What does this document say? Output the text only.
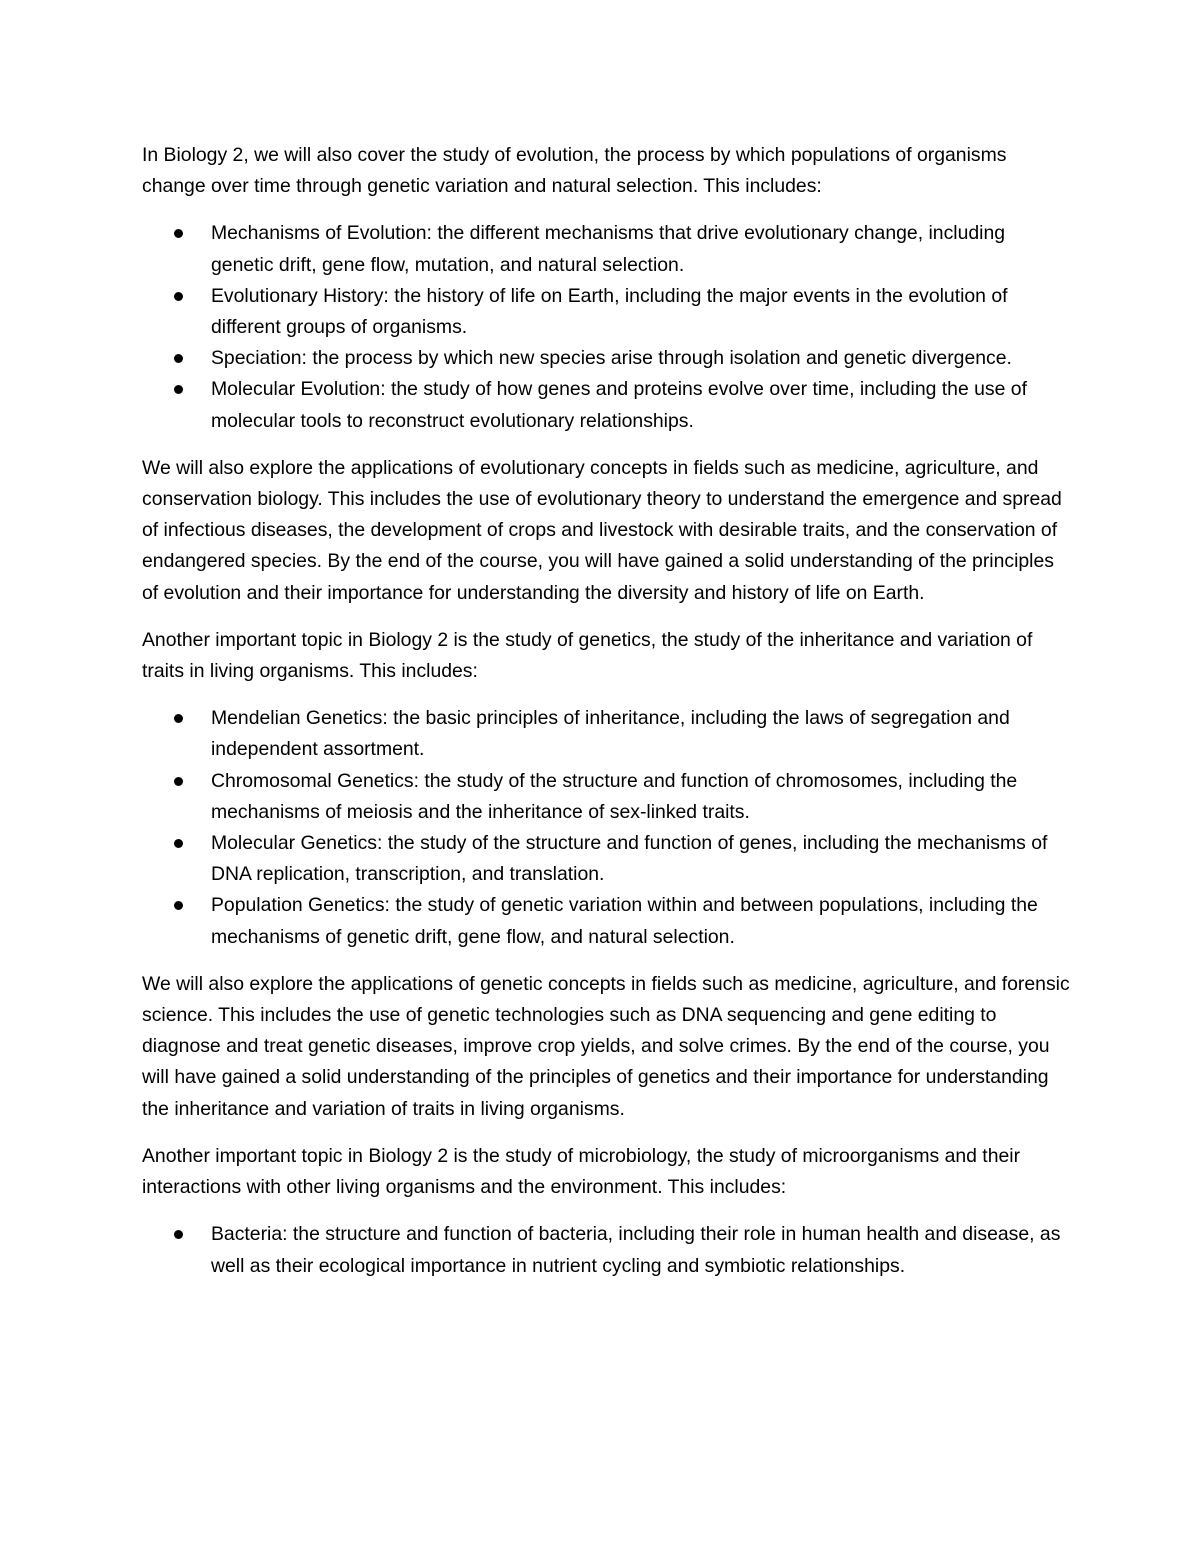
In Biology 2, we will also cover the study of evolution, the process by which populations of organisms change over time through genetic variation and natural selection. This includes:

Mechanisms of Evolution: the different mechanisms that drive evolutionary change, including genetic drift, gene flow, mutation, and natural selection.
Evolutionary History: the history of life on Earth, including the major events in the evolution of different groups of organisms.
Speciation: the process by which new species arise through isolation and genetic divergence.
Molecular Evolution: the study of how genes and proteins evolve over time, including the use of molecular tools to reconstruct evolutionary relationships.

We will also explore the applications of evolutionary concepts in fields such as medicine, agriculture, and conservation biology. This includes the use of evolutionary theory to understand the emergence and spread of infectious diseases, the development of crops and livestock with desirable traits, and the conservation of endangered species. By the end of the course, you will have gained a solid understanding of the principles of evolution and their importance for understanding the diversity and history of life on Earth.

Another important topic in Biology 2 is the study of genetics, the study of the inheritance and variation of traits in living organisms. This includes:

Mendelian Genetics: the basic principles of inheritance, including the laws of segregation and independent assortment.
Chromosomal Genetics: the study of the structure and function of chromosomes, including the mechanisms of meiosis and the inheritance of sex-linked traits.
Molecular Genetics: the study of the structure and function of genes, including the mechanisms of DNA replication, transcription, and translation.
Population Genetics: the study of genetic variation within and between populations, including the mechanisms of genetic drift, gene flow, and natural selection.

We will also explore the applications of genetic concepts in fields such as medicine, agriculture, and forensic science. This includes the use of genetic technologies such as DNA sequencing and gene editing to diagnose and treat genetic diseases, improve crop yields, and solve crimes. By the end of the course, you will have gained a solid understanding of the principles of genetics and their importance for understanding the inheritance and variation of traits in living organisms.

Another important topic in Biology 2 is the study of microbiology, the study of microorganisms and their interactions with other living organisms and the environment. This includes:

Bacteria: the structure and function of bacteria, including their role in human health and disease, as well as their ecological importance in nutrient cycling and symbiotic relationships.
